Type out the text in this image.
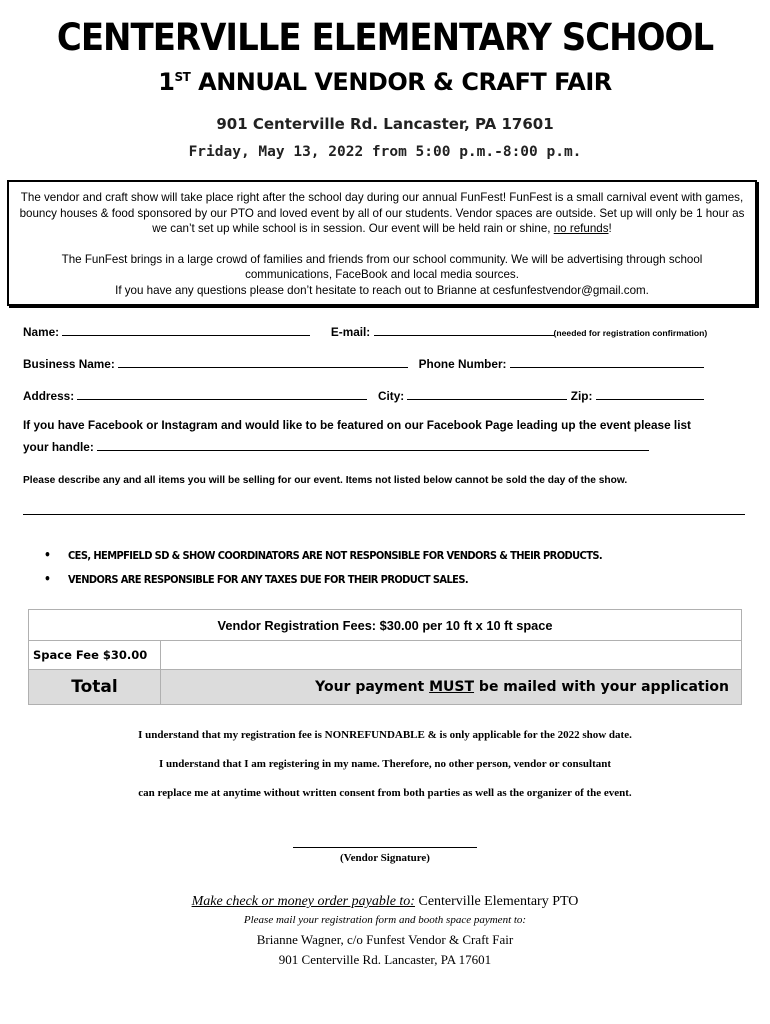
CENTERVILLE ELEMENTARY SCHOOL
1ST ANNUAL VENDOR & CRAFT FAIR
901 Centerville Rd. Lancaster, PA 17601
Friday, May 13, 2022 from 5:00 p.m.-8:00 p.m.

The vendor and craft show will take place right after the school day during our annual FunFest! FunFest is a small carnival event with games, bouncy houses & food sponsored by our PTO and loved event by all of our students. Vendor spaces are outside. Set up will only be 1 hour as we can’t set up while school is in session. Our event will be held rain or shine, no refunds!

The FunFest brings in a large crowd of families and friends from our school community. We will be advertising through school communications, FaceBook and local media sources.

If you have any questions please don’t hesitate to reach out to Brianne at cesfunfestvendor@gmail.com.

Name:	E-mail:	(needed for registration confirmation)
Business Name:	Phone Number:
Address:	City:	Zip:
If you have Facebook or Instagram and would like to be featured on our Facebook Page leading up the event please list
your handle:
Please describe any and all items you will be selling for our event. Items not listed below cannot be sold the day of the show.
•	CES, HEMPFIELD SD & SHOW COORDINATORS ARE NOT RESPONSIBLE FOR VENDORS & THEIR PRODUCTS.
•	VENDORS ARE RESPONSIBLE FOR ANY TAXES DUE FOR THEIR PRODUCT SALES.
Vendor Registration Fees: $30.00 per 10 ft x 10 ft space	
Space Fee $30.00	
Total	Your payment MUST be mailed with your application
I understand that my registration fee is NONREFUNDABLE & is only applicable for the 2022 show date.
I understand that I am registering in my name. Therefore, no other person, vendor or consultant
can replace me at anytime without written consent from both parties as well as the organizer of the event.
(Vendor Signature)
Make check or money order payable to: Centerville Elementary PTO
Please mail your registration form and booth space payment to:
Brianne Wagner, c/o Funfest Vendor & Craft Fair
901 Centerville Rd. Lancaster, PA 17601
